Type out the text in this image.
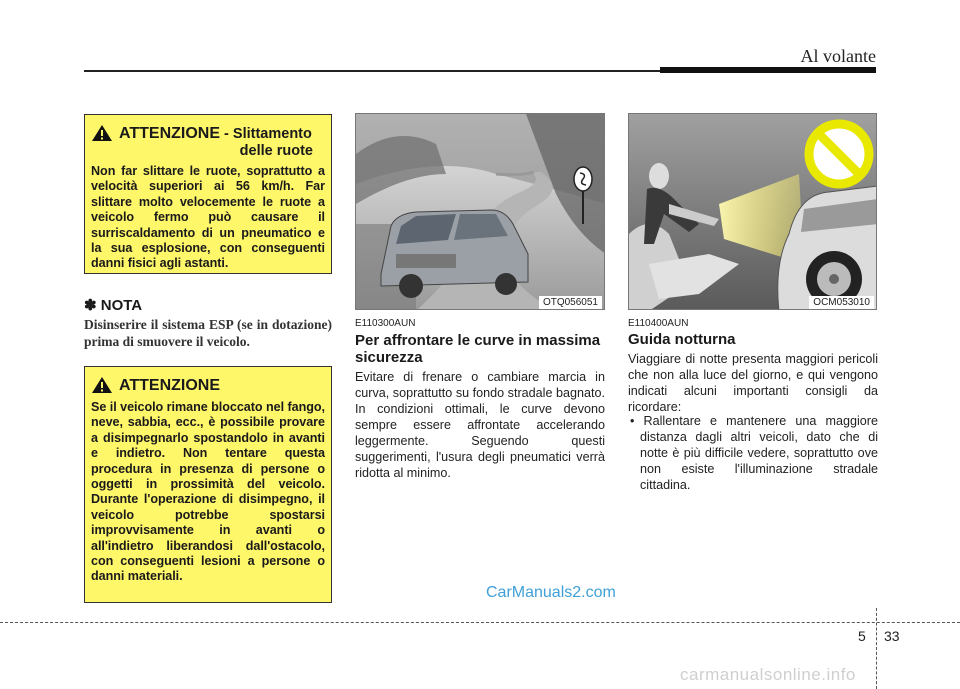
Al volante
ATTENZIONE - Slittamento

delle ruote
Non far slittare le ruote, soprattutto a velocità superiori ai 56 km/h. Far slittare molto velocemente le ruote a veicolo fermo può causare il surriscaldamento di un pneumatico e la sua esplosione, con conseguenti danni fisici agli astanti.
✽ NOTA
Disinserire il sistema ESP (se in dotazione) prima di smuovere il veicolo.
ATTENZIONE
Se il veicolo rimane bloccato nel fango, neve, sabbia, ecc., è possibile provare a disimpegnarlo spostandolo in avanti e indietro. Non tentare questa procedura in presenza di persone o oggetti in prossimità del veicolo. Durante l'operazione di disimpegno, il veicolo potrebbe spostarsi improvvisamente in avanti o all'indietro liberandosi dall'ostacolo, con conseguenti lesioni a persone o danni materiali.
OTQ056051
E110300AUN
Per affrontare le curve in massima sicurezza
Evitare di frenare o cambiare marcia in curva, soprattutto su fondo stradale bagnato. In condizioni ottimali, le curve devono sempre essere affrontate accelerando leggermente. Seguendo questi suggerimenti, l'usura degli pneumatici verrà ridotta al minimo.
OCM053010
E110400AUN
Guida notturna
Viaggiare di notte presenta maggiori pericoli che non alla luce del giorno, e qui vengono indicati alcuni importanti consigli da ricordare:
• Rallentare e mantenere una maggiore distanza dagli altri veicoli, dato che di notte è più difficile vedere, soprattutto ove non esiste l'illuminazione stradale cittadina.
CarManuals2.com
5 33
carmanualsonline.info
